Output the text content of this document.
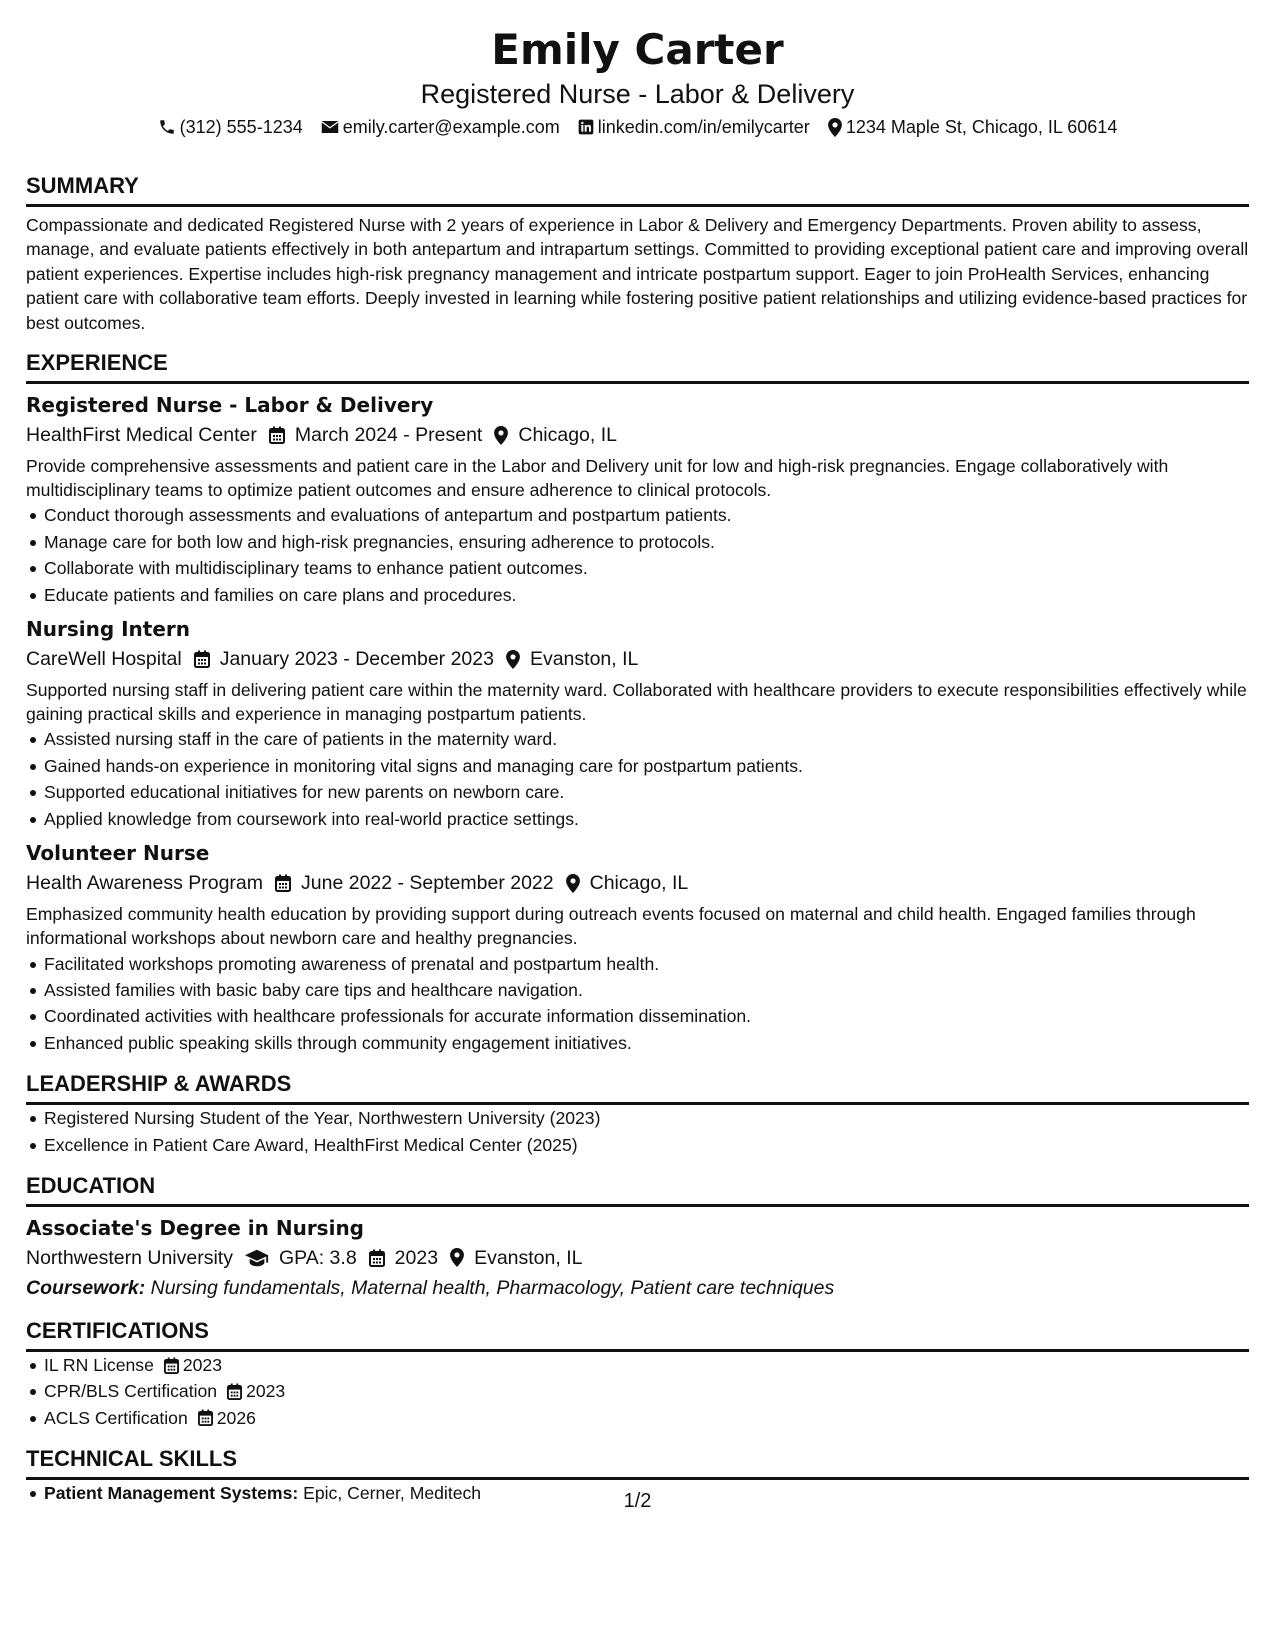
Emily Carter
Registered Nurse - Labor & Delivery
(312) 555-1234 emily.carter@example.com linkedin.com/in/emilycarter 1234 Maple St, Chicago, IL 60614
SUMMARY

Compassionate and dedicated Registered Nurse with 2 years of experience in Labor & Delivery and Emergency Departments. Proven ability to assess, manage, and evaluate patients effectively in both antepartum and intrapartum settings. Committed to providing exceptional patient care and improving overall patient experiences. Expertise includes high-risk pregnancy management and intricate postpartum support. Eager to join ProHealth Services, enhancing patient care with collaborative team efforts. Deeply invested in learning while fostering positive patient relationships and utilizing evidence-based practices for best outcomes.

EXPERIENCE
Registered Nurse - Labor & Delivery
HealthFirst Medical Center March 2024 - Present Chicago, IL

Provide comprehensive assessments and patient care in the Labor and Delivery unit for low and high-risk pregnancies. Engage collaboratively with multidisciplinary teams to optimize patient outcomes and ensure adherence to clinical protocols.

Conduct thorough assessments and evaluations of antepartum and postpartum patients.
Manage care for both low and high-risk pregnancies, ensuring adherence to protocols.
Collaborate with multidisciplinary teams to enhance patient outcomes.
Educate patients and families on care plans and procedures.
Nursing Intern
CareWell Hospital January 2023 - December 2023 Evanston, IL

Supported nursing staff in delivering patient care within the maternity ward. Collaborated with healthcare providers to execute responsibilities effectively while gaining practical skills and experience in managing postpartum patients.

Assisted nursing staff in the care of patients in the maternity ward.
Gained hands-on experience in monitoring vital signs and managing care for postpartum patients.
Supported educational initiatives for new parents on newborn care.
Applied knowledge from coursework into real-world practice settings.
Volunteer Nurse
Health Awareness Program June 2022 - September 2022 Chicago, IL

Emphasized community health education by providing support during outreach events focused on maternal and child health. Engaged families through informational workshops about newborn care and healthy pregnancies.

Facilitated workshops promoting awareness of prenatal and postpartum health.
Assisted families with basic baby care tips and healthcare navigation.
Coordinated activities with healthcare professionals for accurate information dissemination.
Enhanced public speaking skills through community engagement initiatives.
LEADERSHIP & AWARDS
Registered Nursing Student of the Year, Northwestern University (2023)
Excellence in Patient Care Award, HealthFirst Medical Center (2025)
EDUCATION
Associate's Degree in Nursing
Northwestern University GPA: 3.8 2023 Evanston, IL
Coursework: Nursing fundamentals, Maternal health, Pharmacology, Patient care techniques
CERTIFICATIONS
IL RN License 2023
CPR/BLS Certification 2023
ACLS Certification 2026
TECHNICAL SKILLS
Patient Management Systems: Epic, Cerner, Meditech	1/2
